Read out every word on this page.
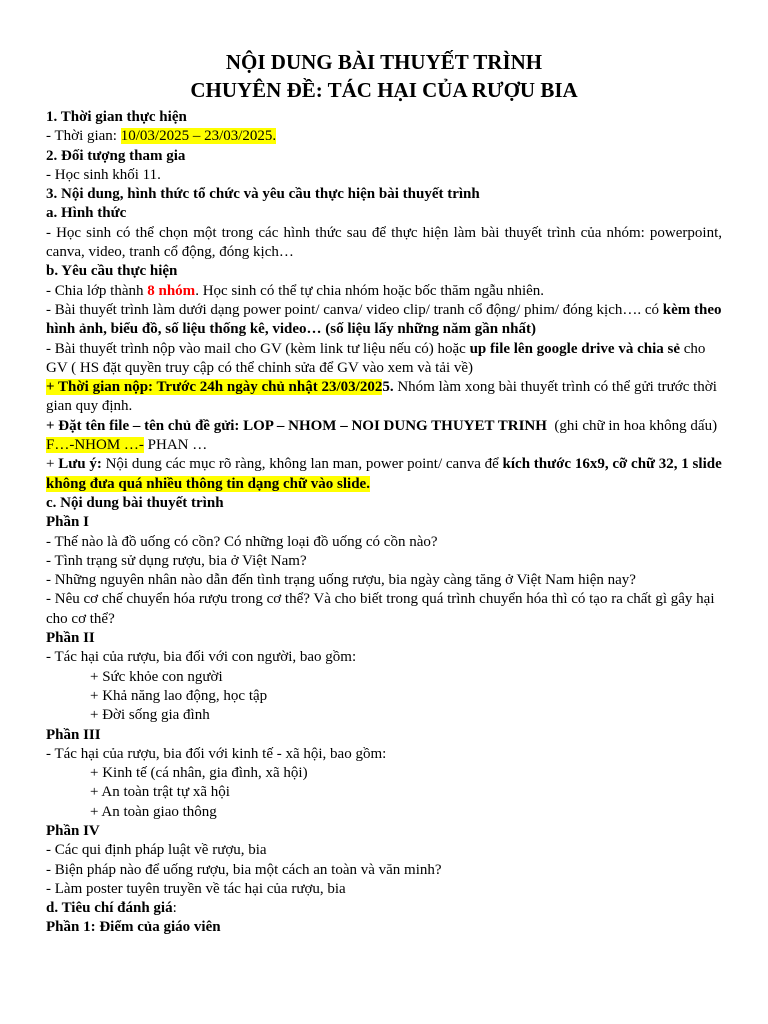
NỘI DUNG BÀI THUYẾT TRÌNH
CHUYÊN ĐỀ: TÁC HẠI CỦA RƯỢU BIA
1. Thời gian thực hiện
- Thời gian: 10/03/2025 – 23/03/2025.
2. Đối tượng tham gia
- Học sinh khối 11.
3. Nội dung, hình thức tổ chức và yêu cầu thực hiện bài thuyết trình
a. Hình thức
- Học sinh có thể chọn một trong các hình thức sau để thực hiện làm bài thuyết trình của nhóm: powerpoint, canva, video, tranh cổ động, đóng kịch…
b. Yêu cầu thực hiện
- Chia lớp thành 8 nhóm. Học sinh có thể tự chia nhóm hoặc bốc thăm ngẫu nhiên.
- Bài thuyết trình làm dưới dạng power point/ canva/ video clip/ tranh cổ động/ phim/ đóng kịch…. có kèm theo hình ảnh, biểu đồ, số liệu thống kê, video… (số liệu lấy những năm gần nhất)
- Bài thuyết trình nộp vào mail cho GV (kèm link tư liệu nếu có) hoặc up file lên google drive và chia sẻ cho GV ( HS đặt quyền truy cập có thể chỉnh sửa để GV vào xem và tải về)
+ Thời gian nộp: Trước 24h ngày chủ nhật 23/03/2025. Nhóm làm xong bài thuyết trình có thể gửi trước thời gian quy định.
+ Đặt tên file – tên chủ đề gửi: LOP – NHOM – NOI DUNG THUYET TRINH  (ghi chữ in hoa không dấu)
F…-NHOM …- PHAN …
+ Lưu ý: Nội dung các mục rõ ràng, không lan man, power point/ canva để kích thước 16x9, cỡ chữ 32, 1 slide không đưa quá nhiều thông tin dạng chữ vào slide.
c. Nội dung bài thuyết trình
Phần I
- Thế nào là đồ uống có cồn? Có những loại đồ uống có cồn nào?
- Tình trạng sử dụng rượu, bia ở Việt Nam?
- Những nguyên nhân nào dẫn đến tình trạng uống rượu, bia ngày càng tăng ở Việt Nam hiện nay?
- Nêu cơ chế chuyển hóa rượu trong cơ thể? Và cho biết trong quá trình chuyển hóa thì có tạo ra chất gì gây hại cho cơ thể?
Phần II
- Tác hại của rượu, bia đối với con người, bao gồm:
+ Sức khỏe con người
+ Khả năng lao động, học tập
+ Đời sống gia đình
Phần III
- Tác hại của rượu, bia đối với kinh tế - xã hội, bao gồm:
+ Kinh tế (cá nhân, gia đình, xã hội)
+ An toàn trật tự xã hội
+ An toàn giao thông
Phần IV
- Các qui định pháp luật về rượu, bia
- Biện pháp nào để uống rượu, bia một cách an toàn và văn minh?
- Làm poster tuyên truyền về tác hại của rượu, bia
d. Tiêu chí đánh giá:
Phần 1: Điểm của giáo viên
